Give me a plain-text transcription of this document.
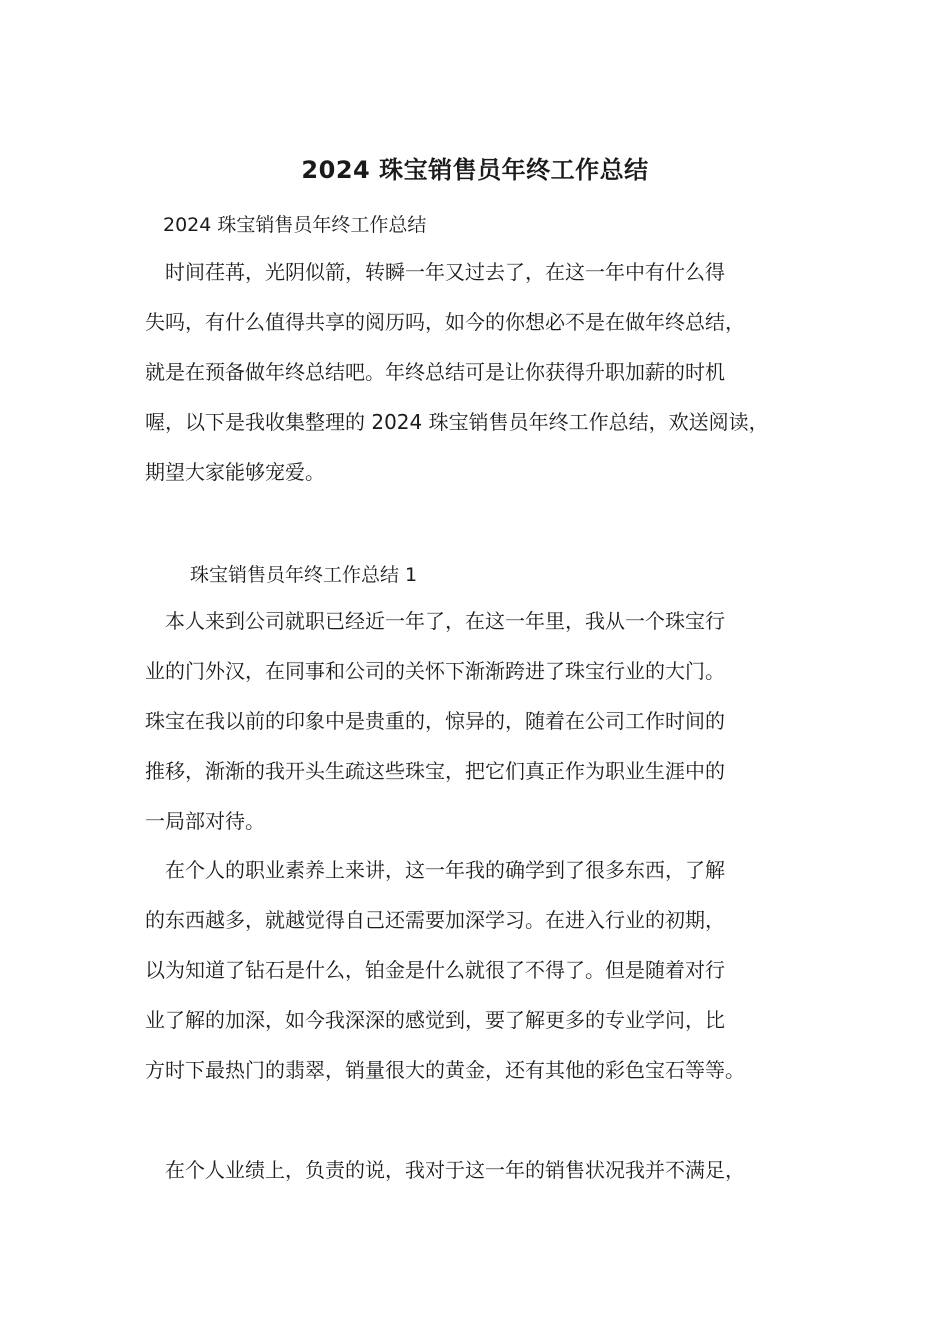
2024 珠宝销售员年终工作总结
2024 珠宝销售员年终工作总结
　时间荏苒，光阴似箭，转瞬一年又过去了，在这一年中有什么得
失吗，有什么值得共享的阅历吗，如今的你想必不是在做年终总结，
就是在预备做年终总结吧。年终总结可是让你获得升职加薪的时机
喔，以下是我收集整理的 2024 珠宝销售员年终工作总结，欢送阅读，
期望大家能够宠爱。
珠宝销售员年终工作总结 1
　本人来到公司就职已经近一年了，在这一年里，我从一个珠宝行
业的门外汉，在同事和公司的关怀下渐渐跨进了珠宝行业的大门。
珠宝在我以前的印象中是贵重的，惊异的，随着在公司工作时间的
推移，渐渐的我开头生疏这些珠宝，把它们真正作为职业生涯中的
一局部对待。
　在个人的职业素养上来讲，这一年我的确学到了很多东西，了解
的东西越多，就越觉得自己还需要加深学习。在进入行业的初期，
以为知道了钻石是什么，铂金是什么就很了不得了。但是随着对行
业了解的加深，如今我深深的感觉到，要了解更多的专业学问，比
方时下最热门的翡翠，销量很大的黄金，还有其他的彩色宝石等等。
　在个人业绩上，负责的说，我对于这一年的销售状况我并不满足，
